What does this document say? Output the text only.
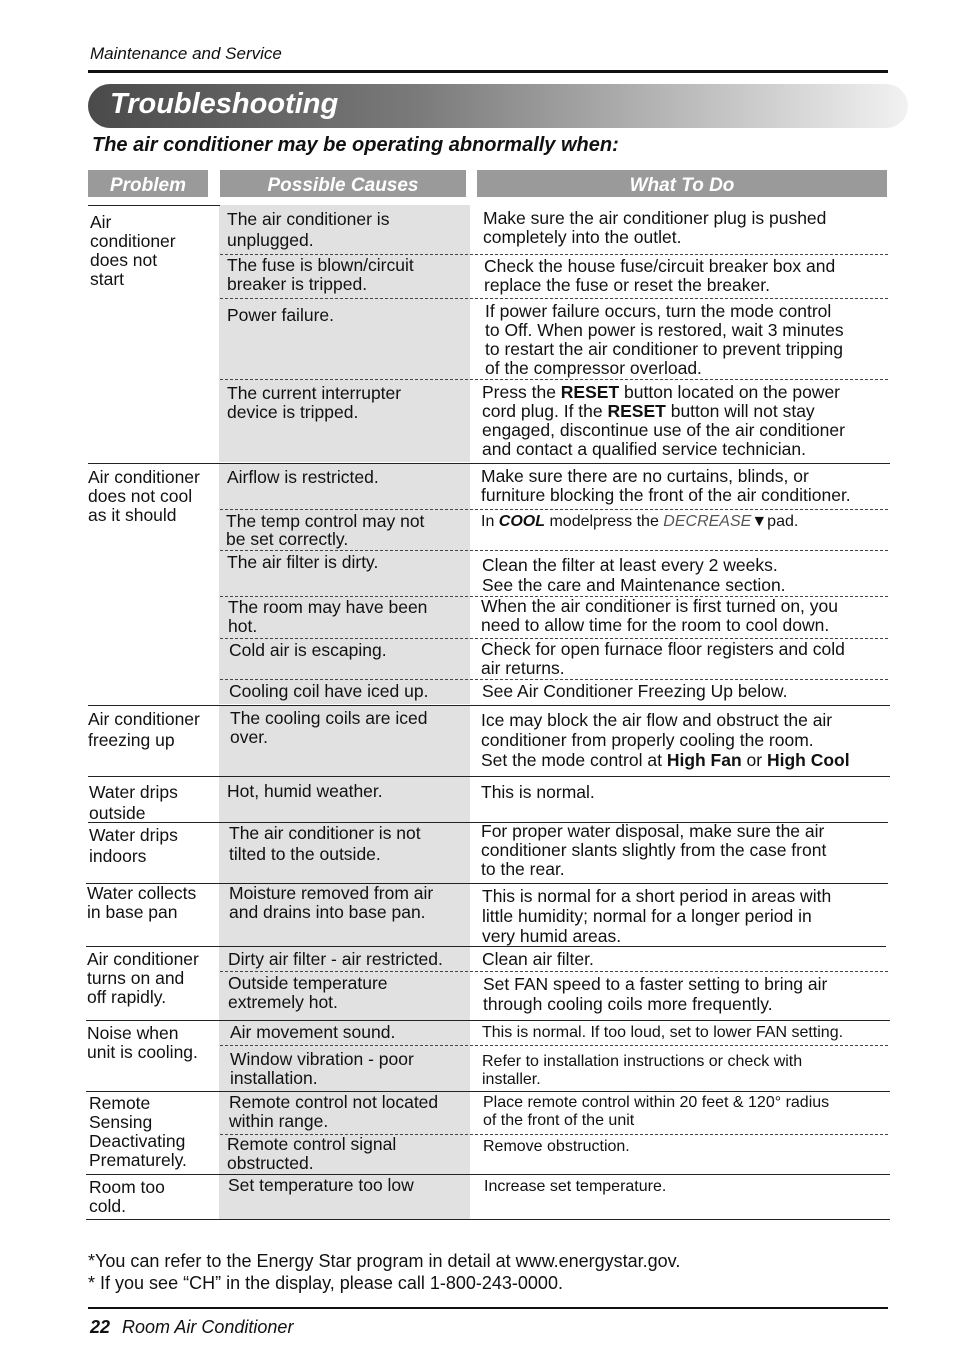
Maintenance and Service
Troubleshooting
The air conditioner may be operating abnormally when:
Problem	Possible Causes	What To Do
Air
conditioner
does not
start
Air conditioner
does not cool
as it should
Air conditioner
freezing up
Water drips
outside
Water drips
indoors
Water collects
in base pan
Air conditioner
turns on and
off rapidly.
Noise when
unit is cooling.
Remote
Sensing
Deactivating
Prematurely.
Room too
cold.
The air conditioner is
unplugged.
The fuse is blown/circuit
breaker is tripped.
Power failure.
The current interrupter
device is tripped.
Airflow is restricted.
The temp control may not
be set correctly.
The air filter is dirty.
The room may have been
hot.
Cold air is escaping.
Cooling coil have iced up.
The cooling coils are iced
over.
Hot, humid weather.
The air conditioner is not
tilted to the outside.
Moisture removed from air
and drains into base pan.
Dirty air filter - air restricted.
Outside temperature
extremely hot.
Air movement sound.
Window vibration - poor
installation.
Remote control not located
within range.
Remote control signal
obstructed.
Set temperature too low
Make sure the air conditioner plug is pushed
completely into the outlet.
Check the house fuse/circuit breaker box and
replace the fuse or reset the breaker.
If power failure occurs, turn the mode control
to Off. When power is restored, wait 3 minutes
to restart the air conditioner to prevent tripping
of the compressor overload.
Press the RESET button located on the power
cord plug. If the RESET button will not stay
engaged, discontinue use of the air conditioner
and contact a qualified service technician.
Make sure there are no curtains, blinds, or
furniture blocking the front of the air conditioner.
In COOL modelpress the DECREASE▼pad.
Clean the filter at least every 2 weeks.
See the care and Maintenance section.
When the air conditioner is first turned on, you
need to allow time for the room to cool down.
Check for open furnace floor registers and cold
air returns.
See Air Conditioner Freezing Up below.
Ice may block the air flow and obstruct the air
conditioner from properly cooling the room.
Set the mode control at High Fan or High Cool
This is normal.
For proper water disposal, make sure the air
conditioner slants slightly from the case front
to the rear.
This is normal for a short period in areas with
little humidity; normal for a longer period in
very humid areas.
Clean air filter.
Set FAN speed to a faster setting to bring air
through cooling coils more frequently.
This is normal. If too loud, set to lower FAN setting.
Refer to installation instructions or check with
installer.
Place remote control within 20 feet & 120° radius
of the front of the unit
Remove obstruction.
Increase set temperature.
*You can refer to the Energy Star program in detail at www.energystar.gov.
* If you see “CH” in the display, please call 1-800-243-0000.
22 Room Air Conditioner
